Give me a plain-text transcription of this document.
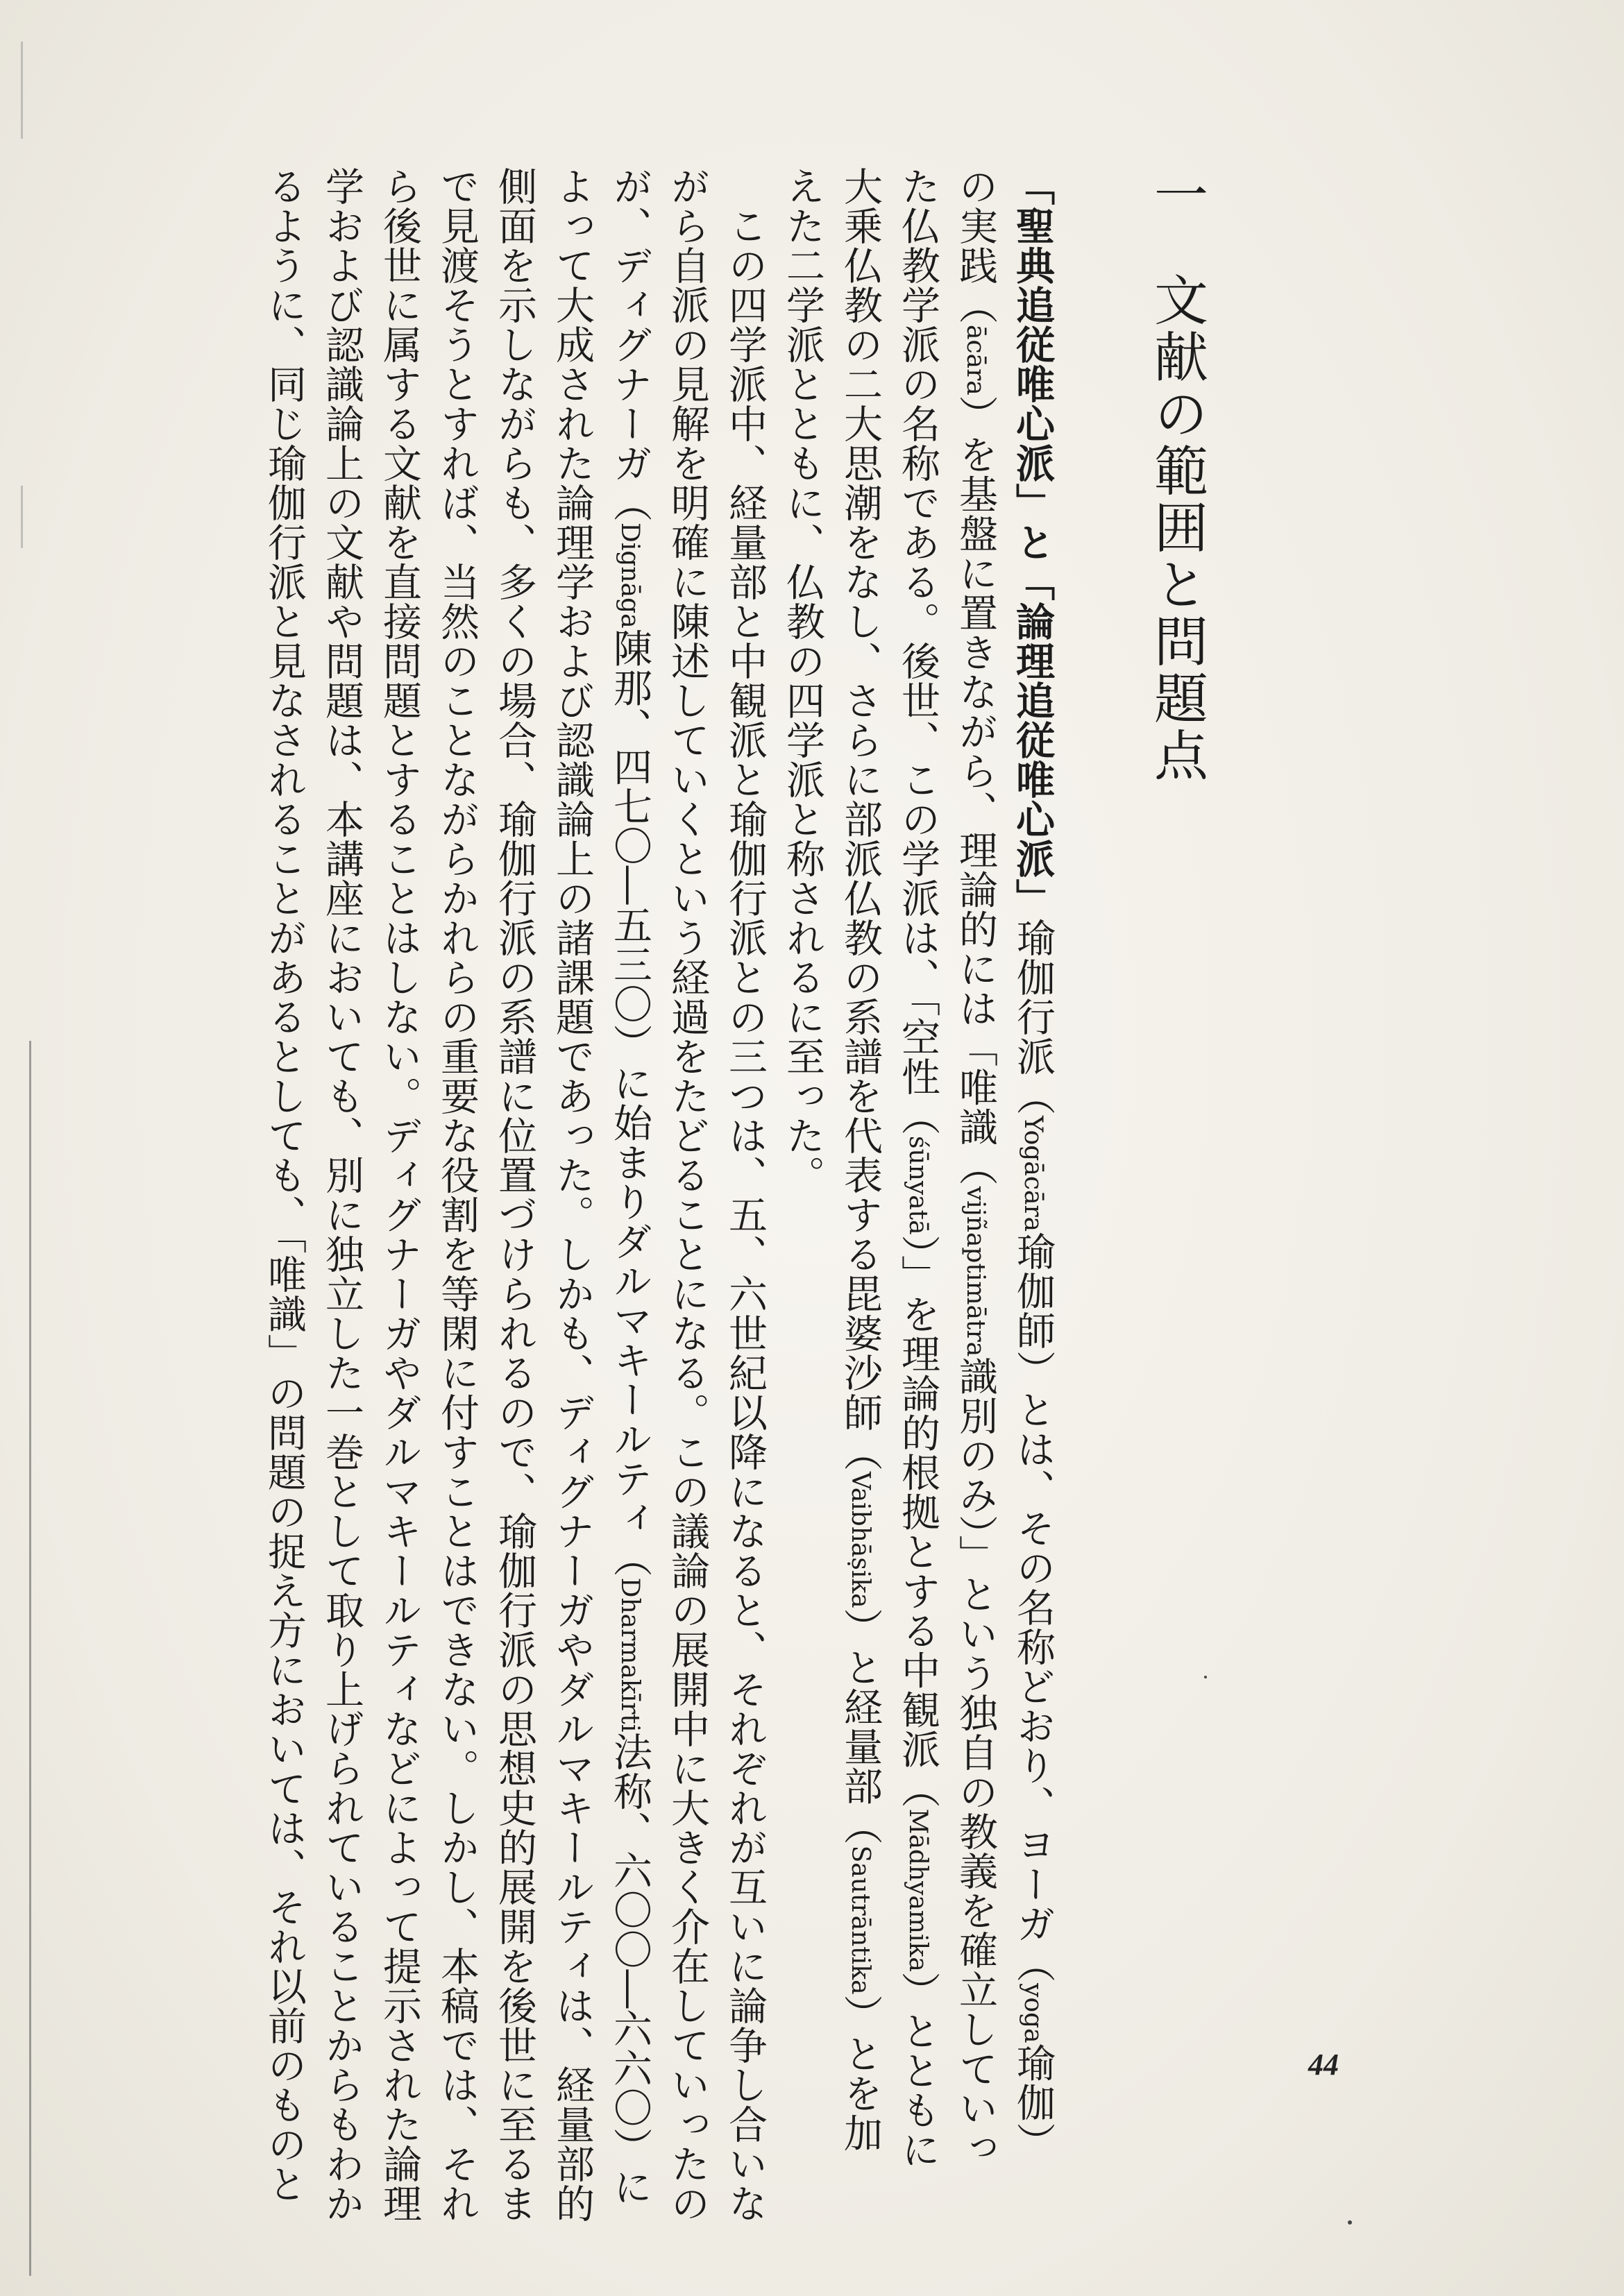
一文献の範囲と問題点
「聖典追従唯心派」と「論理追従唯心派」瑜伽行派（Yogācāra瑜伽師）とは、その名称どおり、ヨーガ（yoga瑜伽）
の実践（ācāra）を基盤に置きながら、理論的には「唯識（vijñaptimātra識別のみ）」という独自の教義を確立していっ
た仏教学派の名称である。後世、この学派は、「空性（śūnyatā）」を理論的根拠とする中観派（Mādhyamika）とともに
大乗仏教の二大思潮をなし、さらに部派仏教の系譜を代表する毘婆沙師（Vaibhāṣika）と経量部（Sautrāntika）とを加
えた二学派とともに、仏教の四学派と称されるに至った。
　この四学派中、経量部と中観派と瑜伽行派との三つは、五、六世紀以降になると、それぞれが互いに論争し合いな
がら自派の見解を明確に陳述していくという経過をたどることになる。この議論の展開中に大きく介在していったの
が、ディグナーガ（Dignāga陳那、四七〇―五三〇）に始まりダルマキールティ（Dharmakīrti法称、六〇〇―六六〇）に
よって大成された論理学および認識論上の諸課題であった。しかも、ディグナーガやダルマキールティは、経量部的
側面を示しながらも、多くの場合、瑜伽行派の系譜に位置づけられるので、瑜伽行派の思想史的展開を後世に至るま
で見渡そうとすれば、当然のことながらかれらの重要な役割を等閑に付すことはできない。しかし、本稿では、それ
ら後世に属する文献を直接問題とすることはしない。ディグナーガやダルマキールティなどによって提示された論理
学および認識論上の文献や問題は、本講座においても、別に独立した一巻として取り上げられていることからもわか
るように、同じ瑜伽行派と見なされることがあるとしても、「唯識」の問題の捉え方においては、それ以前のものと	44
